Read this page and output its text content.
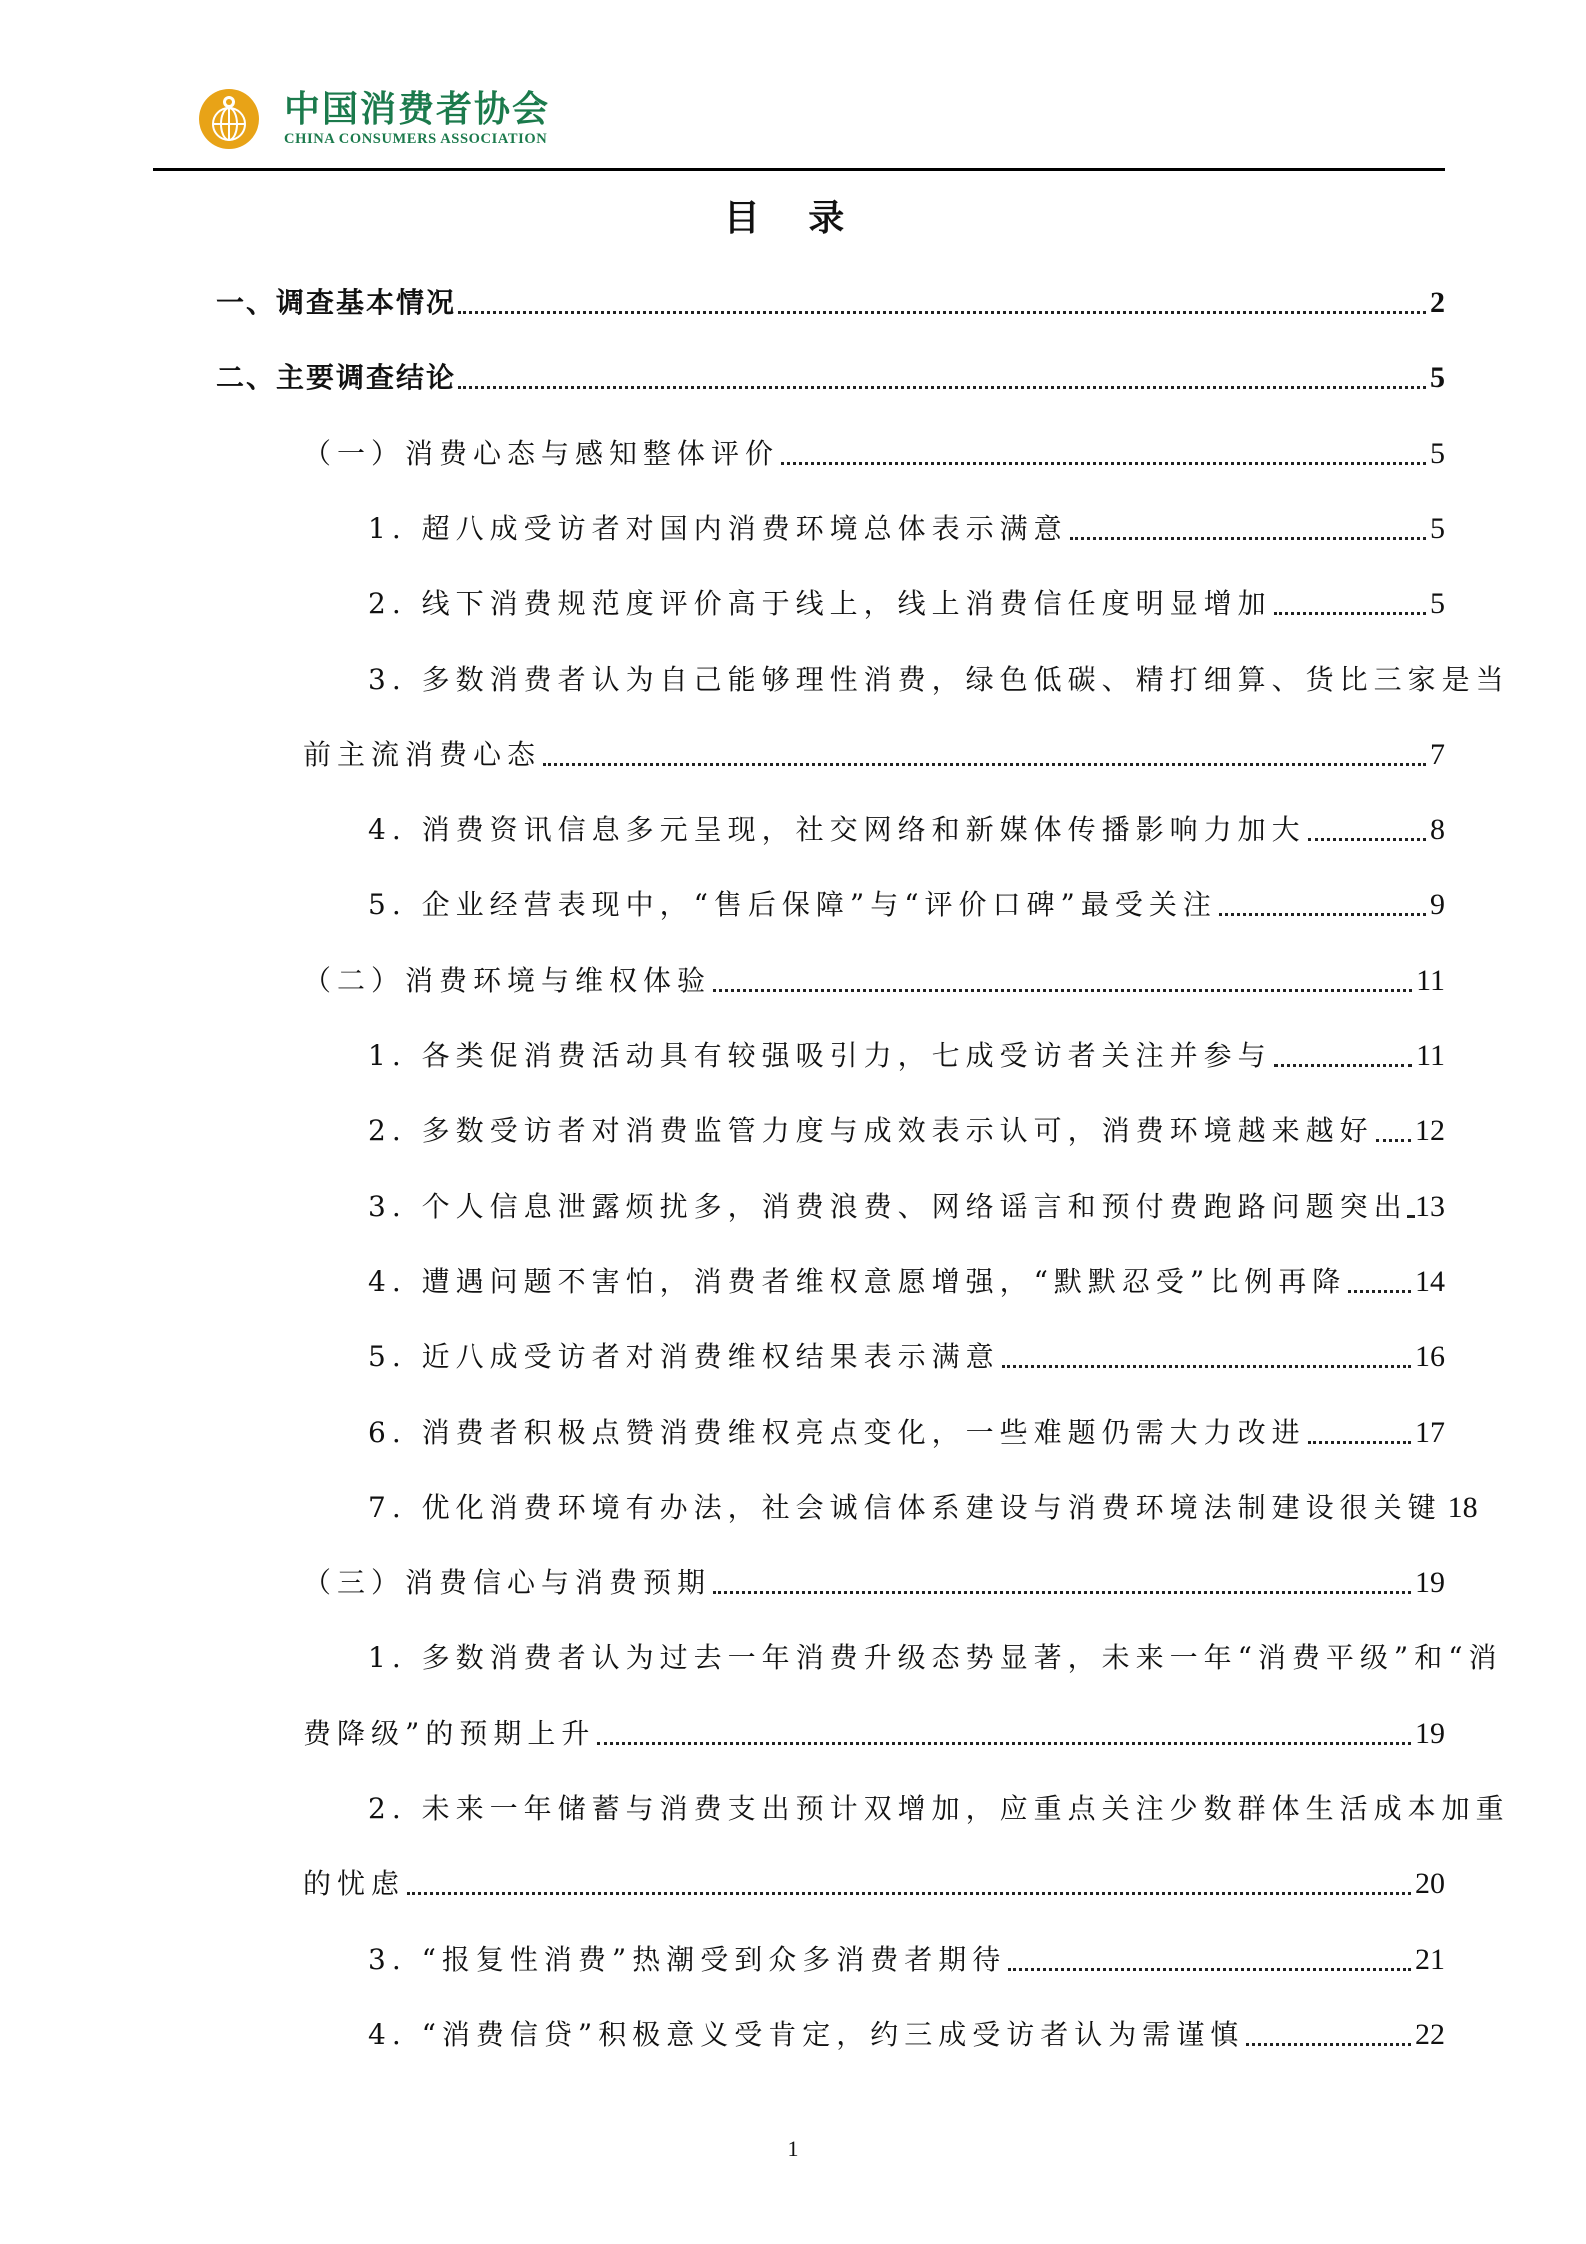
中国消费者协会
CHINA CONSUMERS ASSOCIATION
目 录
一、调查基本情况	2
二、主要调查结论	5
（一）消费心态与感知整体评价	5
1. 超八成受访者对国内消费环境总体表示满意	5
2. 线下消费规范度评价高于线上，线上消费信任度明显增加	5
3. 多数消费者认为自己能够理性消费，绿色低碳、精打细算、货比三家是当
前主流消费心态	7
4. 消费资讯信息多元呈现，社交网络和新媒体传播影响力加大	8
5. 企业经营表现中，“售后保障”与“评价口碑”最受关注	9
（二）消费环境与维权体验	11
1. 各类促消费活动具有较强吸引力，七成受访者关注并参与	11
2. 多数受访者对消费监管力度与成效表示认可，消费环境越来越好 12
3. 个人信息泄露烦扰多，消费浪费、网络谣言和预付费跑路问题突出 13
4. 遭遇问题不害怕，消费者维权意愿增强，“默默忍受”比例再降 14
5. 近八成受访者对消费维权结果表示满意	16
6. 消费者积极点赞消费维权亮点变化，一些难题仍需大力改进	17
7. 优化消费环境有办法，社会诚信体系建设与消费环境法制建设很关键 18
（三）消费信心与消费预期	19
1. 多数消费者认为过去一年消费升级态势显著，未来一年“消费平级”和“消
费降级”的预期上升	19
2. 未来一年储蓄与消费支出预计双增加，应重点关注少数群体生活成本加重
的忧虑	20
3. “报复性消费”热潮受到众多消费者期待	21
4. “消费信贷”积极意义受肯定，约三成受访者认为需谨慎	22
1
